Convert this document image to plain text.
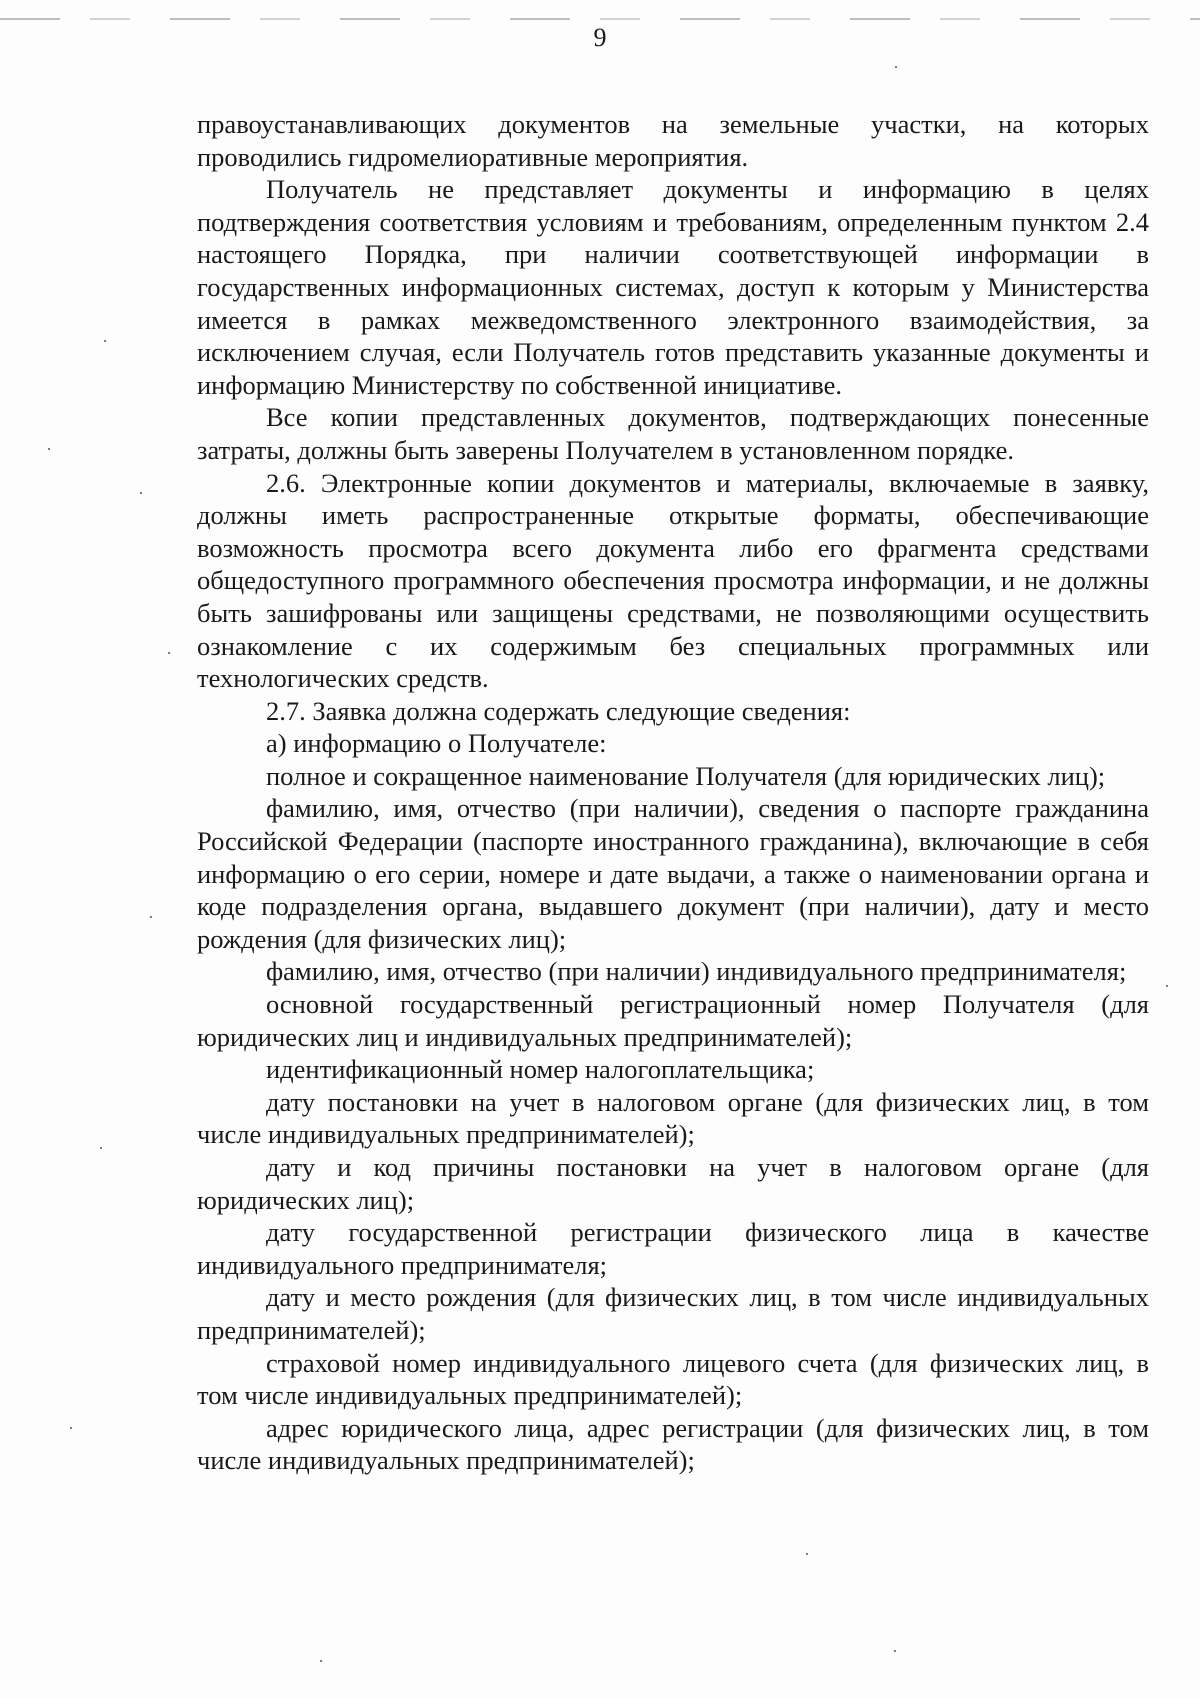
9

правоустанавливающих документов на земельные участки, на которых проводились гидромелиоративные мероприятия.

Получатель не представляет документы и информацию в целях подтверждения соответствия условиям и требованиям, определенным пунктом 2.4 настоящего Порядка, при наличии соответствующей информации в государственных информационных системах, доступ к которым у Министерства имеется в рамках межведомственного электронного взаимодействия, за исключением случая, если Получатель готов представить указанные документы и информацию Министерству по собственной инициативе.

Все копии представленных документов, подтверждающих понесенные затраты, должны быть заверены Получателем в установленном порядке.

2.6. Электронные копии документов и материалы, включаемые в заявку, должны иметь распространенные открытые форматы, обеспечивающие возможность просмотра всего документа либо его фрагмента средствами общедоступного программного обеспечения просмотра информации, и не должны быть зашифрованы или защищены средствами, не позволяющими осуществить ознакомление с их содержимым без специальных программных или технологических средств.

2.7. Заявка должна содержать следующие сведения:

а) информацию о Получателе:

полное и сокращенное наименование Получателя (для юридических лиц);

фамилию, имя, отчество (при наличии), сведения о паспорте гражданина Российской Федерации (паспорте иностранного гражданина), включающие в себя информацию о его серии, номере и дате выдачи, а также о наименовании органа и коде подразделения органа, выдавшего документ (при наличии), дату и место рождения (для физических лиц);

фамилию, имя, отчество (при наличии) индивидуального предпринимателя;

основной государственный регистрационный номер Получателя (для юридических лиц и индивидуальных предпринимателей);

идентификационный номер налогоплательщика;

дату постановки на учет в налоговом органе (для физических лиц, в том числе индивидуальных предпринимателей);

дату и код причины постановки на учет в налоговом органе (для юридических лиц);

дату государственной регистрации физического лица в качестве индивидуального предпринимателя;

дату и место рождения (для физических лиц, в том числе индивидуальных предпринимателей);

страховой номер индивидуального лицевого счета (для физических лиц, в том числе индивидуальных предпринимателей);

адрес юридического лица, адрес регистрации (для физических лиц, в том числе индивидуальных предпринимателей);
